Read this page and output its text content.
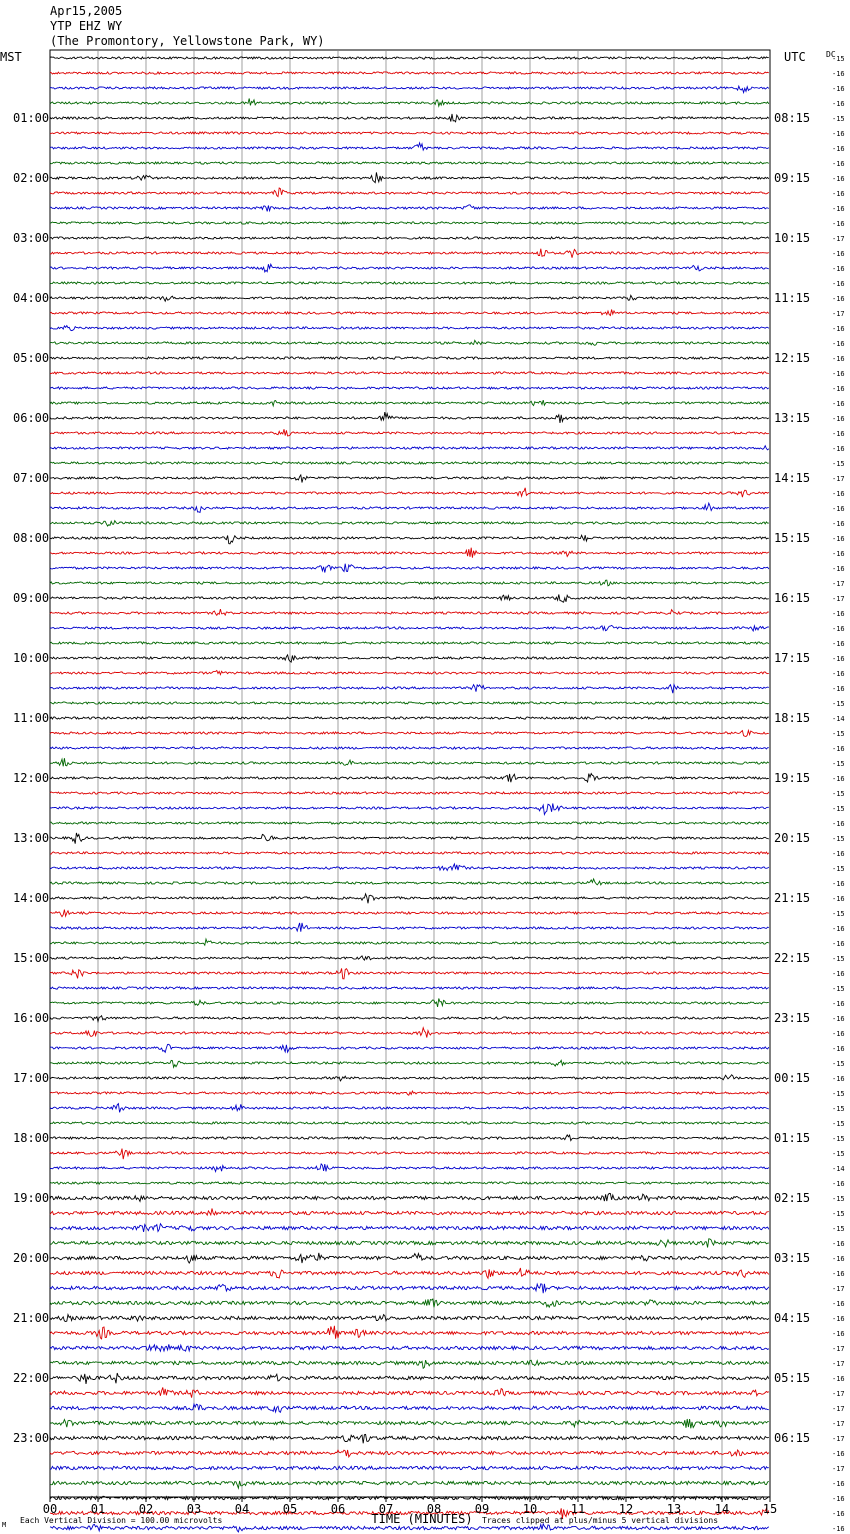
Apr15,2005
YTP EHZ WY
(The Promontory, Yellowstone Park, WY)
MST	UTC	DC
01:00
02:00
03:00
04:00
05:00
06:00
07:00
08:00
09:00
10:00
11:00
12:00
13:00
14:00
15:00
16:00
17:00
18:00
19:00
20:00
21:00
22:00
23:00
08:15
09:15
10:15
11:15
12:15
13:15
14:15
15:15
16:15
17:15
18:15
19:15
20:15
21:15
22:15
23:15
00:15
01:15
02:15
03:15
04:15
05:15
06:15
-15
-16
-16
-16
-15
-16
-16
-16
-16
-16
-16
-16
-17
-16
-16
-16
-16
-17
-16
-16
-16
-16
-16
-16
-16
-16
-16
-15
-17
-16
-16
-16
-16
-16
-16
-17
-17
-16
-16
-16
-16
-16
-16
-15
-14
-15
-16
-15
-16
-15
-15
-16
-15
-16
-15
-16
-16
-15
-16
-16
-15
-16
-15
-16
-16
-16
-16
-15
-16
-15
-15
-15
-15
-15
-14
-16
-15
-15
-15
-16
-16
-16
-17
-16
-16
-16
-17
-17
-16
-17
-17
-17
-17
-16
-17
-16
-16
-16
-16
00	01	02	03	04	05	06	07	08	09	10	11	12	13	14	15
TIME (MINUTES)
Each Vertical Division = 100.00 microvolts	Traces clipped at plus/minus 5 vertical divisions
M
